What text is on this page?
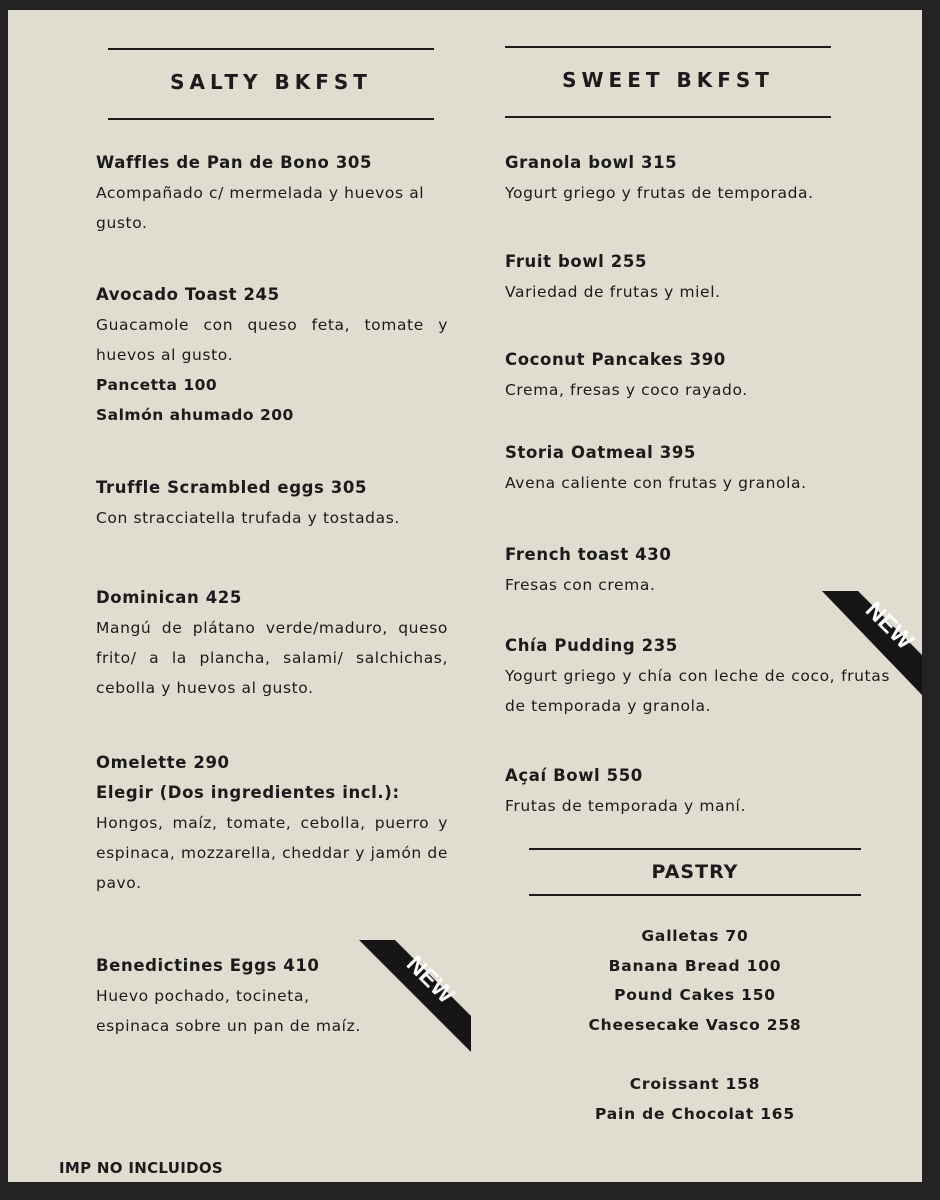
SALTY BKFST
Waffles de Pan de Bono 305
Acompañado c/ mermelada y huevos al gusto.
Avocado Toast 245
Guacamole con queso feta, tomate y huevos al gusto.
Pancetta 100
Salmón ahumado 200
Truffle Scrambled eggs 305
Con stracciatella trufada y tostadas.
Dominican 425
Mangú de plátano verde/maduro, queso frito/ a la plancha, salami/ salchichas, cebolla y huevos al gusto.
Omelette 290
Elegir (Dos ingredientes incl.):
Hongos, maíz, tomate, cebolla, puerro y espinaca, mozzarella, cheddar y jamón de pavo.
Benedictines Eggs 410
Huevo pochado, tocineta,
espinaca sobre un pan de maíz.
SWEET BKFST
Granola bowl 315
Yogurt griego y frutas de temporada.
Fruit bowl 255
Variedad de frutas y miel.
Coconut Pancakes 390
Crema, fresas y coco rayado.
Storia Oatmeal 395
Avena caliente con frutas y granola.
French toast 430
Fresas con crema.
Chía Pudding 235
Yogurt griego y chía con leche de coco, frutas de temporada y granola.
Açaí Bowl 550
Frutas de temporada y maní.
PASTRY
Galletas 70
Banana Bread 100
Pound Cakes 150
Cheesecake Vasco 258
Croissant 158
Pain de Chocolat 165
NEW
NEW
IMP NO INCLUIDOS
